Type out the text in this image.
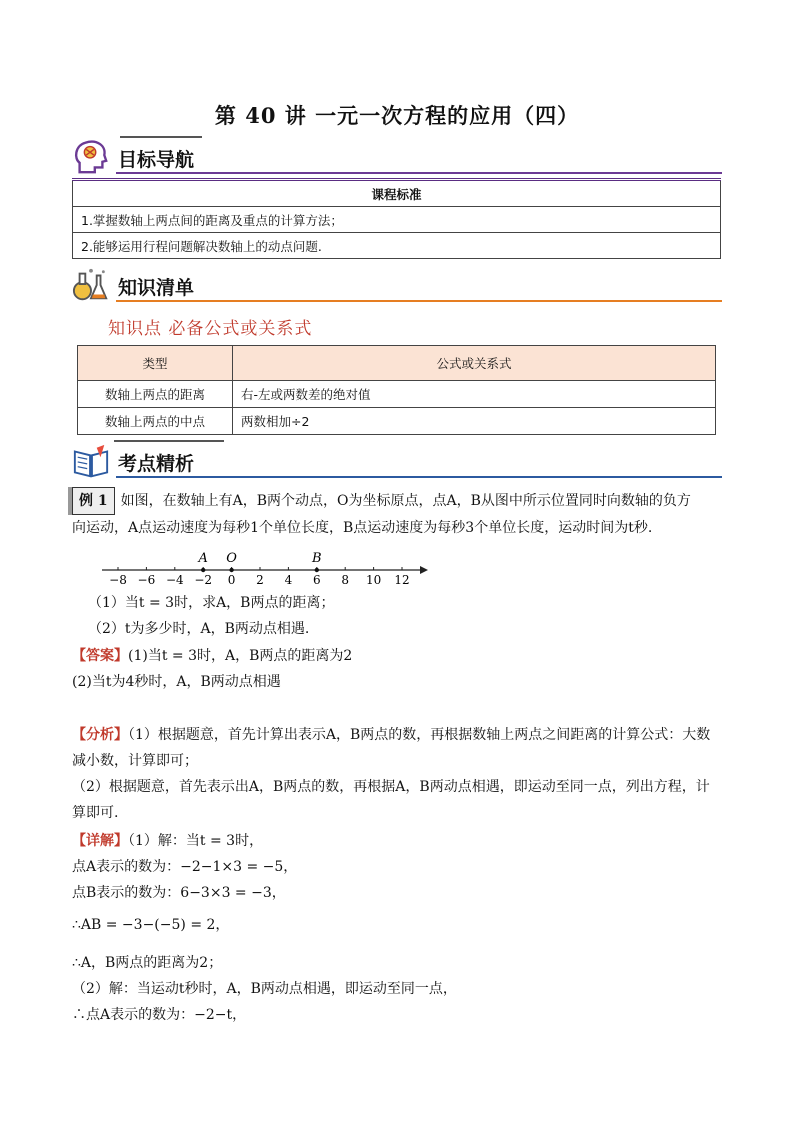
第 40 讲 一元一次方程的应用（四）
目标导航
课程标准
1.掌握数轴上两点间的距离及重点的计算方法；
2.能够运用行程问题解决数轴上的动点问题.
知识清单
知识点 必备公式或关系式
类型	公式或关系式
数轴上两点的距离	右-左或两数差的绝对值
数轴上两点的中点	两数相加÷2
考点精析
例 1 如图，在数轴上有A，B两个动点，O为坐标原点，点A，B从图中所示位置同时向数轴的负方
向运动，A点运动速度为每秒1个单位长度，B点运动速度为每秒3个单位长度，运动时间为t秒.
−8 −6 −4 −2 0 2 4 6 8 10 12
A O	B
（1）当t = 3时，求A，B两点的距离；
（2）t为多少时，A，B两动点相遇.
【答案】(1)当t = 3时，A，B两点的距离为2
(2)当t为4秒时，A，B两动点相遇
【分析】（1）根据题意，首先计算出表示A，B两点的数，再根据数轴上两点之间距离的计算公式：大数
减小数，计算即可；
（2）根据题意，首先表示出A，B两点的数，再根据A，B两动点相遇，即运动至同一点，列出方程，计
算即可.
【详解】（1）解：当t = 3时，
点A表示的数为：−2−1×3 = −5，
点B表示的数为：6−3×3 = −3，
∴AB = −3−(−5) = 2，
∴A，B两点的距离为2；
（2）解：当运动t秒时，A，B两动点相遇，即运动至同一点，
∴点A表示的数为：−2−t，
